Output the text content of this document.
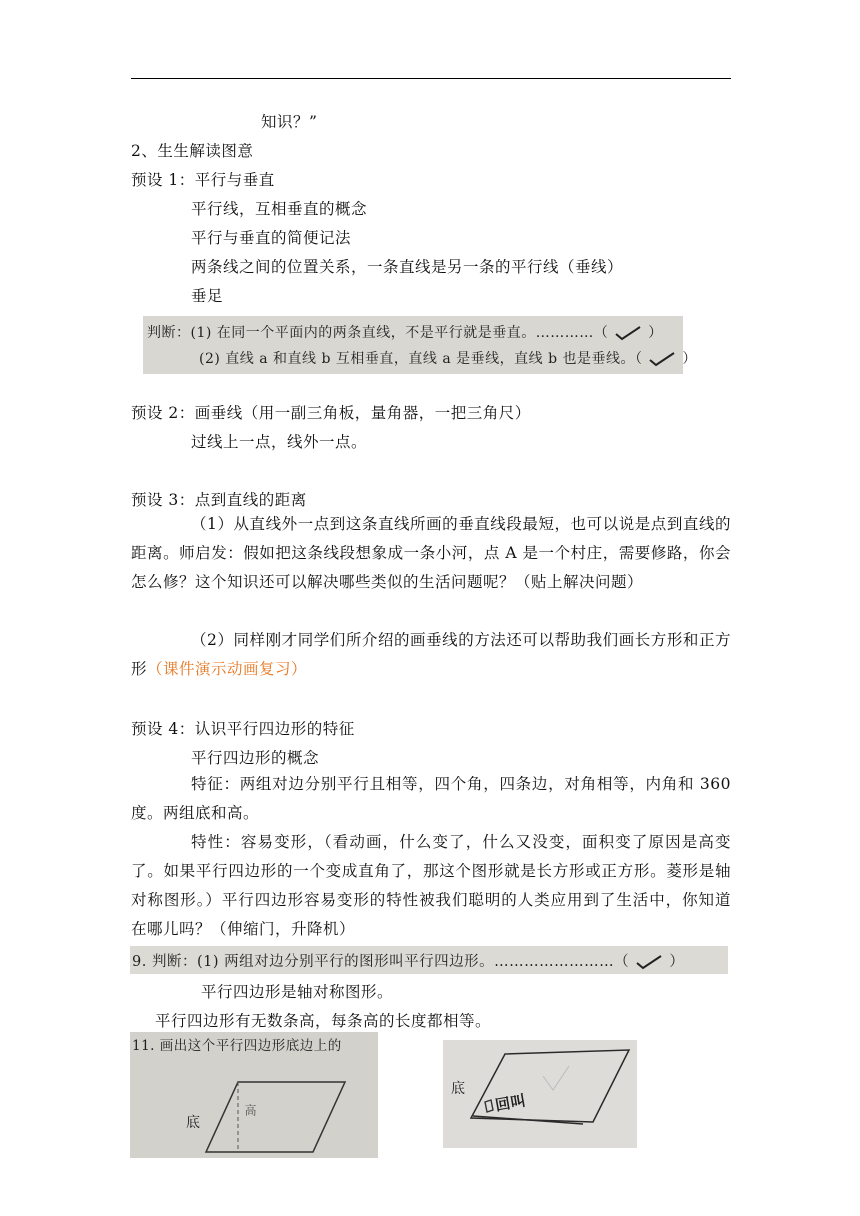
知识？”
2、生生解读图意
预设 1：平行与垂直
平行线，互相垂直的概念
平行与垂直的简便记法
两条线之间的位置关系，一条直线是另一条的平行线（垂线）
垂足
判断：(1) 在同一个平面内的两条直线，不是平行就是垂直。…………（	）
(2) 直线 a 和直线 b 互相垂直，直线 a 是垂线，直线 b 也是垂线。（	）
预设 2：画垂线（用一副三角板，量角器，一把三角尺）
过线上一点，线外一点。
预设 3：点到直线的距离
（1）从直线外一点到这条直线所画的垂直线段最短，也可以说是点到直线的距离。师启发：假如把这条线段想象成一条小河，点 A 是一个村庄，需要修路，你会怎么修？这个知识还可以解决哪些类似的生活问题呢？（贴上解决问题）
（2）同样刚才同学们所介绍的画垂线的方法还可以帮助我们画长方形和正方形（课件演示动画复习）
预设 4：认识平行四边形的特征
平行四边形的概念
特征：两组对边分别平行且相等，四个角，四条边，对角相等，内角和 360 度。两组底和高。
特性：容易变形，（看动画，什么变了，什么又没变，面积变了原因是高变了。如果平行四边形的一个变成直角了，那这个图形就是长方形或正方形。菱形是轴对称图形。）平行四边形容易变形的特性被我们聪明的人类应用到了生活中，你知道在哪儿吗？（伸缩门，升降机）
9. 判断：(1) 两组对边分别平行的图形叫平行四边形。……………………（	）
平行四边形是轴对称图形。
平行四边形有无数条高，每条高的长度都相等。
11. 画出这个平行四边形底边上的
底
高
底
回叫
